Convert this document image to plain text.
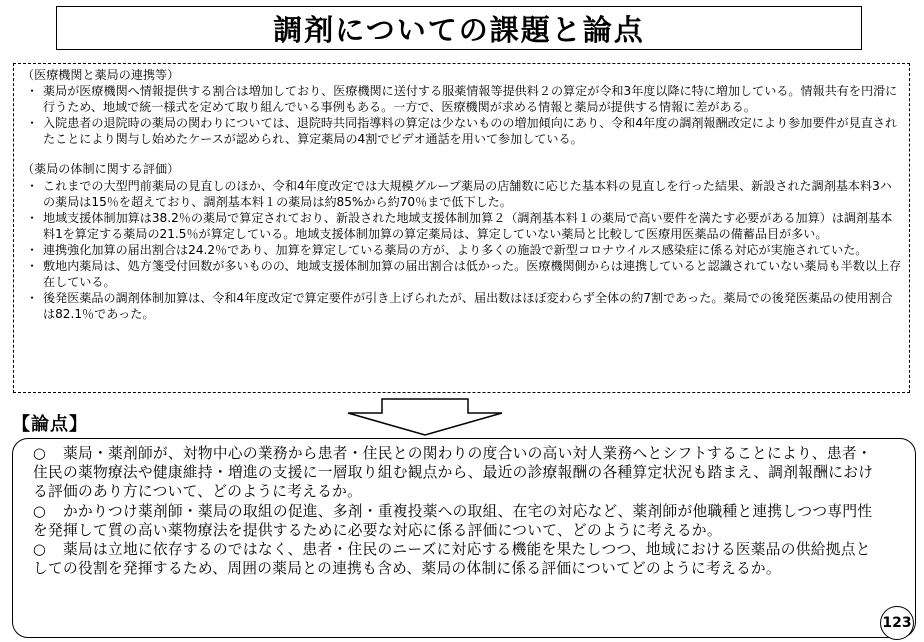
調剤についての課題と論点
（医療機関と薬局の連携等）
・ 薬局が医療機関へ情報提供する割合は増加しており、医療機関に送付する服薬情報等提供料２の算定が令和3年度以降に特に増加している。情報共有を円滑に行うため、地域で統一様式を定めて取り組んでいる事例もある。一方で、医療機関が求める情報と薬局が提供する情報に差がある。
・ 入院患者の退院時の薬局の関わりについては、退院時共同指導料の算定は少ないものの増加傾向にあり、令和4年度の調剤報酬改定により参加要件が見直されたことにより関与し始めたケースが認められ、算定薬局の4割でビデオ通話を用いて参加している。
（薬局の体制に関する評価）
・ これまでの大型門前薬局の見直しのほか、令和4年度改定では大規模グループ薬局の店舗数に応じた基本料の見直しを行った結果、新設された調剤基本料3ハの薬局は15％を超えており、調剤基本料１の薬局は約85%から約70％まで低下した。
・ 地域支援体制加算は38.2％の薬局で算定されており、新設された地域支援体制加算２（調剤基本料１の薬局で高い要件を満たす必要がある加算）は調剤基本料1を算定する薬局の21.5％が算定している。地域支援体制加算の算定薬局は、算定していない薬局と比較して医療用医薬品の備蓄品目が多い。
・ 連携強化加算の届出割合は24.2％であり、加算を算定している薬局の方が、より多くの施設で新型コロナウイルス感染症に係る対応が実施されていた。
・ 敷地内薬局は、処方箋受付回数が多いものの、地域支援体制加算の届出割合は低かった。医療機関側からは連携していると認識されていない薬局も半数以上存在している。
・ 後発医薬品の調剤体制加算は、令和4年度改定で算定要件が引き上げられたが、届出数はほぼ変わらず全体の約7割であった。薬局での後発医薬品の使用割合は82.1％であった。
【論点】
○ 薬局・薬剤師が、対物中心の業務から患者・住民との関わりの度合いの高い対人業務へとシフトすることにより、患者・住民の薬物療法や健康維持・増進の支援に一層取り組む観点から、最近の診療報酬の各種算定状況も踏まえ、調剤報酬における評価のあり方について、どのように考えるか。
○ かかりつけ薬剤師・薬局の取組の促進、多剤・重複投薬への取組、在宅の対応など、薬剤師が他職種と連携しつつ専門性を発揮して質の高い薬物療法を提供するために必要な対応に係る評価について、どのように考えるか。
○ 薬局は立地に依存するのではなく、患者・住民のニーズに対応する機能を果たしつつ、地域における医薬品の供給拠点としての役割を発揮するため、周囲の薬局との連携も含め、薬局の体制に係る評価についてどのように考えるか。
123
